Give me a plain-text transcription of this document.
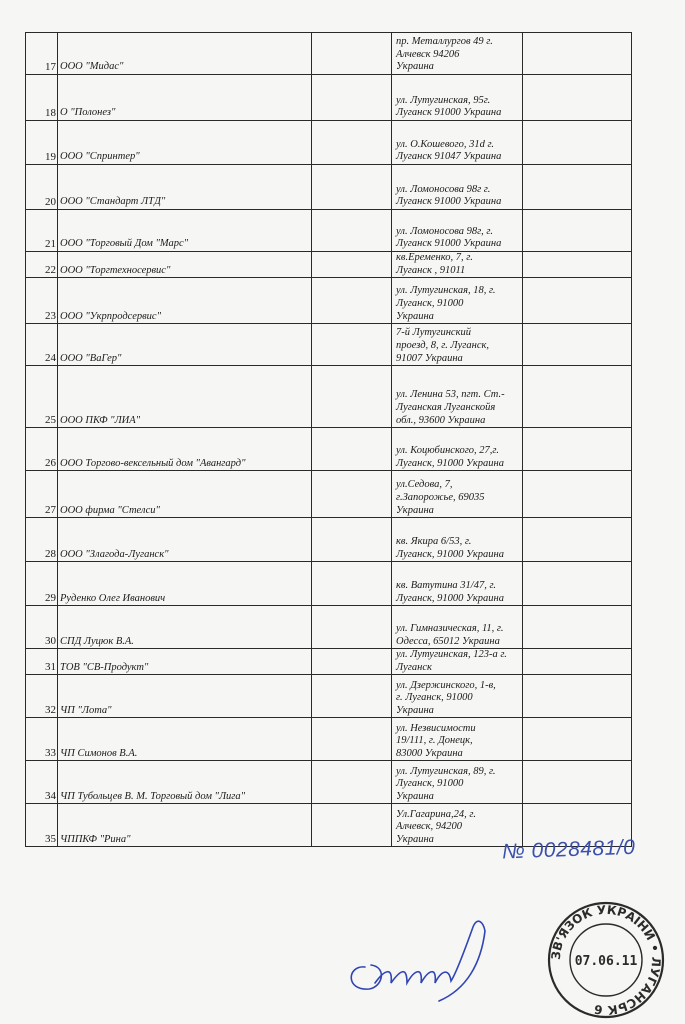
17	ООО "Мидас"		пр. Металлургов 49 г.
Алчевск 94206
Украина	
18	О "Полонез"		ул. Лутугинская, 95г.
Луганск 91000 Украина	
19	ООО "Спринтер"		ул. О.Кошевого, 31d г.
Луганск 91047 Украина	
20	ООО "Стандарт ЛТД"		ул. Ломоносова 98г г.
Луганск 91000 Украина	
21	ООО "Торговый Дом "Марс"		ул. Ломоносова 98г, г.
Луганск 91000 Украина	
22	ООО "Торгтехносервис"		кв.Еременко, 7, г.
Луганск , 91011	
23	ООО "Укрпродсервис"		ул. Лутугинская, 18, г.
Луганск, 91000
Украина	
24	ООО "ВаГер"		7-й Лутугинский
проезд, 8, г. Луганск,
91007 Украина	
25	ООО ПКФ "ЛИА"		ул. Ленина 53, пгт. Ст.-
Луганская Луганскойя
обл., 93600 Украина	
26	ООО Торгово-вексельный дом "Авангард"		ул. Коцюбинского, 27,г.
Луганск, 91000 Украина	
27	ООО фирма "Стелси"		ул.Седова, 7,
г.Запорожье, 69035
Украина	
28	ООО "Злагода-Луганск"		кв. Якира 6/53, г.
Луганск, 91000 Украина	
29	Руденко Олег Иванович		кв. Ватутина 31/47, г.
Луганск, 91000 Украина	
30	СПД Луцюк В.А.		ул. Гимназическая, 11, г.
Одесса, 65012 Украина	
31	ТОВ "СВ-Продукт"		ул. Лутугинская, 123-а г.
Луганск	
32	ЧП "Лота"		ул. Дзержинского, 1-в,
г. Луганск, 91000
Украина	
33	ЧП Симонов В.А.		ул. Незвисимости
19/111, г. Донецк,
83000 Украина	
34	ЧП Тубольцев В. М. Торговый дом "Лига"		ул. Лутугинская, 89, г.
Луганск, 91000
Украина	
35	ЧППКФ "Рина"		Ул.Гагарина,24, г.
Алчевск, 94200
Украина		№ 0028481/0
ЗВ'ЯЗОК УКРАЇНИ • ЛУГАНСЬК 6
07.06.11
